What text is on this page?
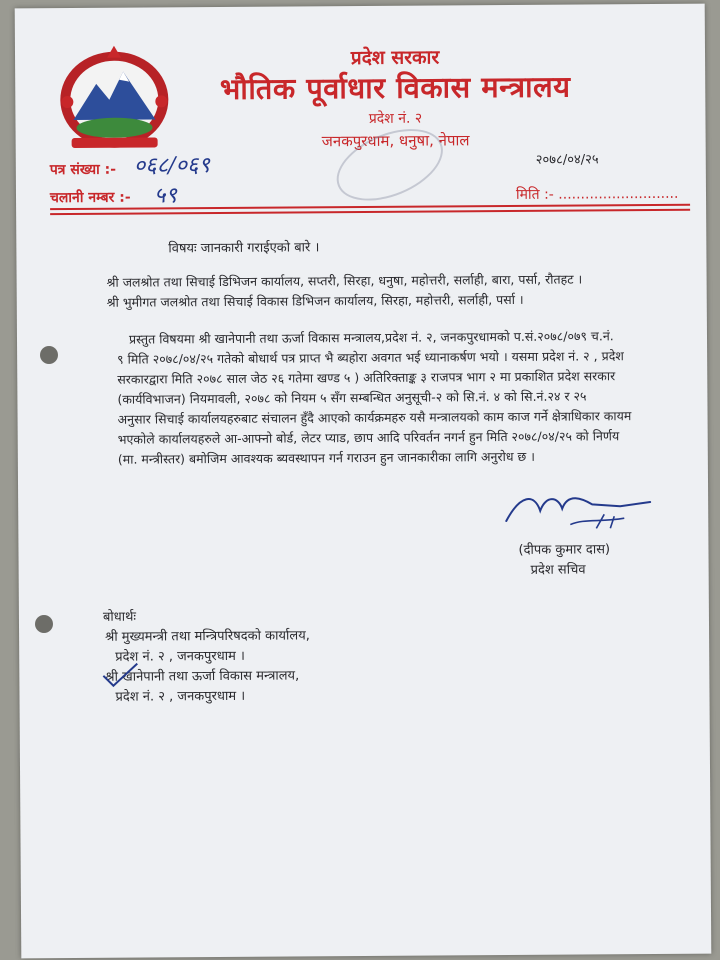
प्रदेश सरकार
भौतिक पूर्वाधार विकास मन्त्रालय
प्रदेश नं. २
जनकपुरधाम, धनुषा, नेपाल
पत्र संख्या :- ०६८/०६९	२०७८/०४/२५
चलानी नम्बर :- ५९	मिति :- ...........................
विषयः जानकारी गराईएको बारे ।
श्री जलश्रोत तथा सिचाई डिभिजन कार्यालय, सप्तरी, सिरहा, धनुषा, महोत्तरी, सर्लाही, बारा, पर्सा, रौतहट ।
श्री भुमीगत जलश्रोत तथा सिचाई विकास डिभिजन कार्यालय, सिरहा, महोत्तरी, सर्लाही, पर्सा ।
प्रस्तुत विषयमा श्री खानेपानी तथा ऊर्जा विकास मन्त्रालय,प्रदेश नं. २, जनकपुरधामको प.सं.२०७८/०७९ च.नं.
९ मिति २०७८/०४/२५ गतेको बोधार्थ पत्र प्राप्त भै ब्यहोरा अवगत भई ध्यानाकर्षण भयो । यसमा प्रदेश नं. २ , प्रदेश
सरकारद्वारा मिति २०७८ साल जेठ २६ गतेमा खण्ड ५ ) अतिरिक्ताङ्क ३ राजपत्र भाग २ मा प्रकाशित प्रदेश सरकार
(कार्यविभाजन) नियमावली, २०७८ को नियम ५ सँग सम्बन्धित अनुसूची-२ को सि.नं. ४ को सि.नं.२४ र २५
अनुसार सिचाई कार्यालयहरुबाट संचालन हुँदै आएको कार्यक्रमहरु यसै मन्त्रालयको काम काज गर्ने क्षेत्राधिकार कायम
भएकोले कार्यालयहरुले आ-आफ्नो बोर्ड, लेटर प्याड, छाप आदि परिवर्तन नगर्न हुन मिति २०७८/०४/२५ को निर्णय
(मा. मन्त्रीस्तर) बमोजिम आवश्यक ब्यवस्थापन गर्न गराउन हुन जानकारीका लागि अनुरोध छ ।
(दीपक कुमार दास)
प्रदेश सचिव
बोधार्थः
श्री मुख्यमन्त्री तथा मन्त्रिपरिषदको कार्यालय,
प्रदेश नं. २ , जनकपुरधाम ।
श्री खानेपानी तथा ऊर्जा विकास मन्त्रालय,
प्रदेश नं. २ , जनकपुरधाम ।
